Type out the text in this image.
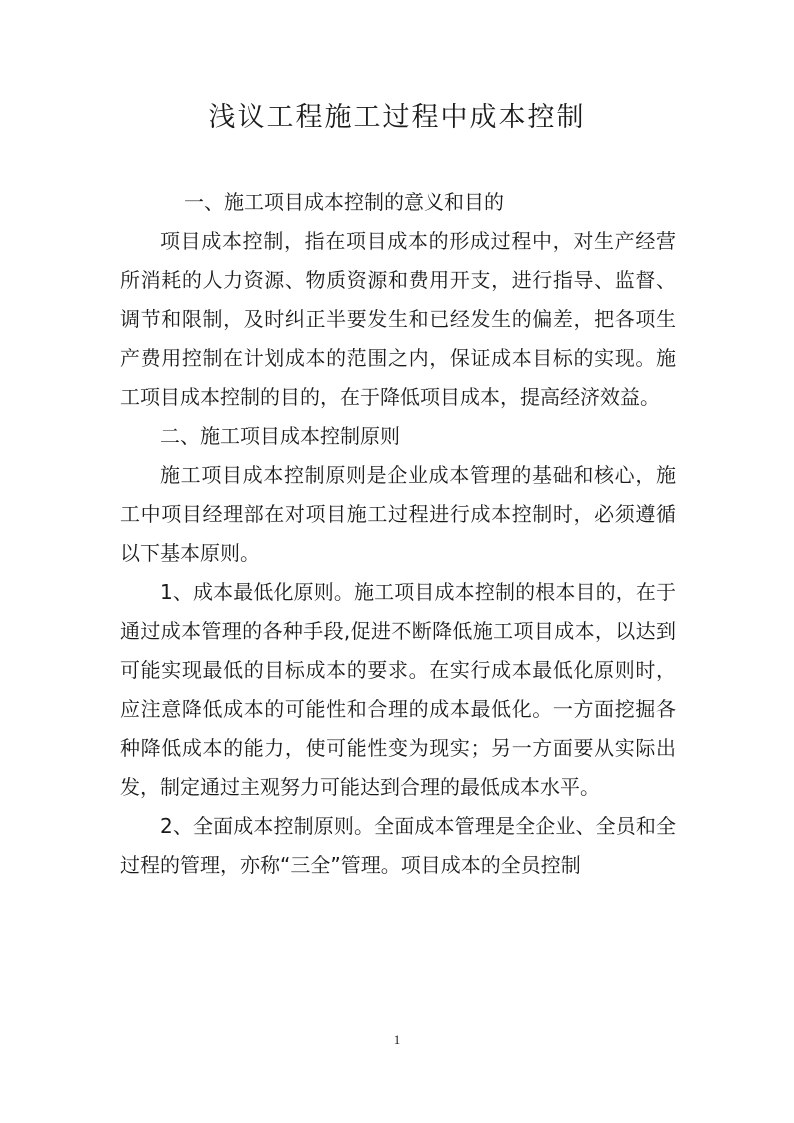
浅议工程施工过程中成本控制

一、施工项目成本控制的意义和目的

项目成本控制，指在项目成本的形成过程中，对生产经营所消耗的人力资源、物质资源和费用开支，进行指导、监督、调节和限制，及时纠正半要发生和已经发生的偏差，把各项生产费用控制在计划成本的范围之内，保证成本目标的实现。施工项目成本控制的目的，在于降低项目成本，提高经济效益。

二、施工项目成本控制原则

施工项目成本控制原则是企业成本管理的基础和核心，施工中项目经理部在对项目施工过程进行成本控制时，必须遵循以下基本原则。

1、成本最低化原则。施工项目成本控制的根本目的，在于通过成本管理的各种手段,促进不断降低施工项目成本，以达到可能实现最低的目标成本的要求。在实行成本最低化原则时，应注意降低成本的可能性和合理的成本最低化。一方面挖掘各种降低成本的能力，使可能性变为现实；另一方面要从实际出发，制定通过主观努力可能达到合理的最低成本水平。

2、全面成本控制原则。全面成本管理是全企业、全员和全过程的管理，亦称“三全”管理。项目成本的全员控制

1
